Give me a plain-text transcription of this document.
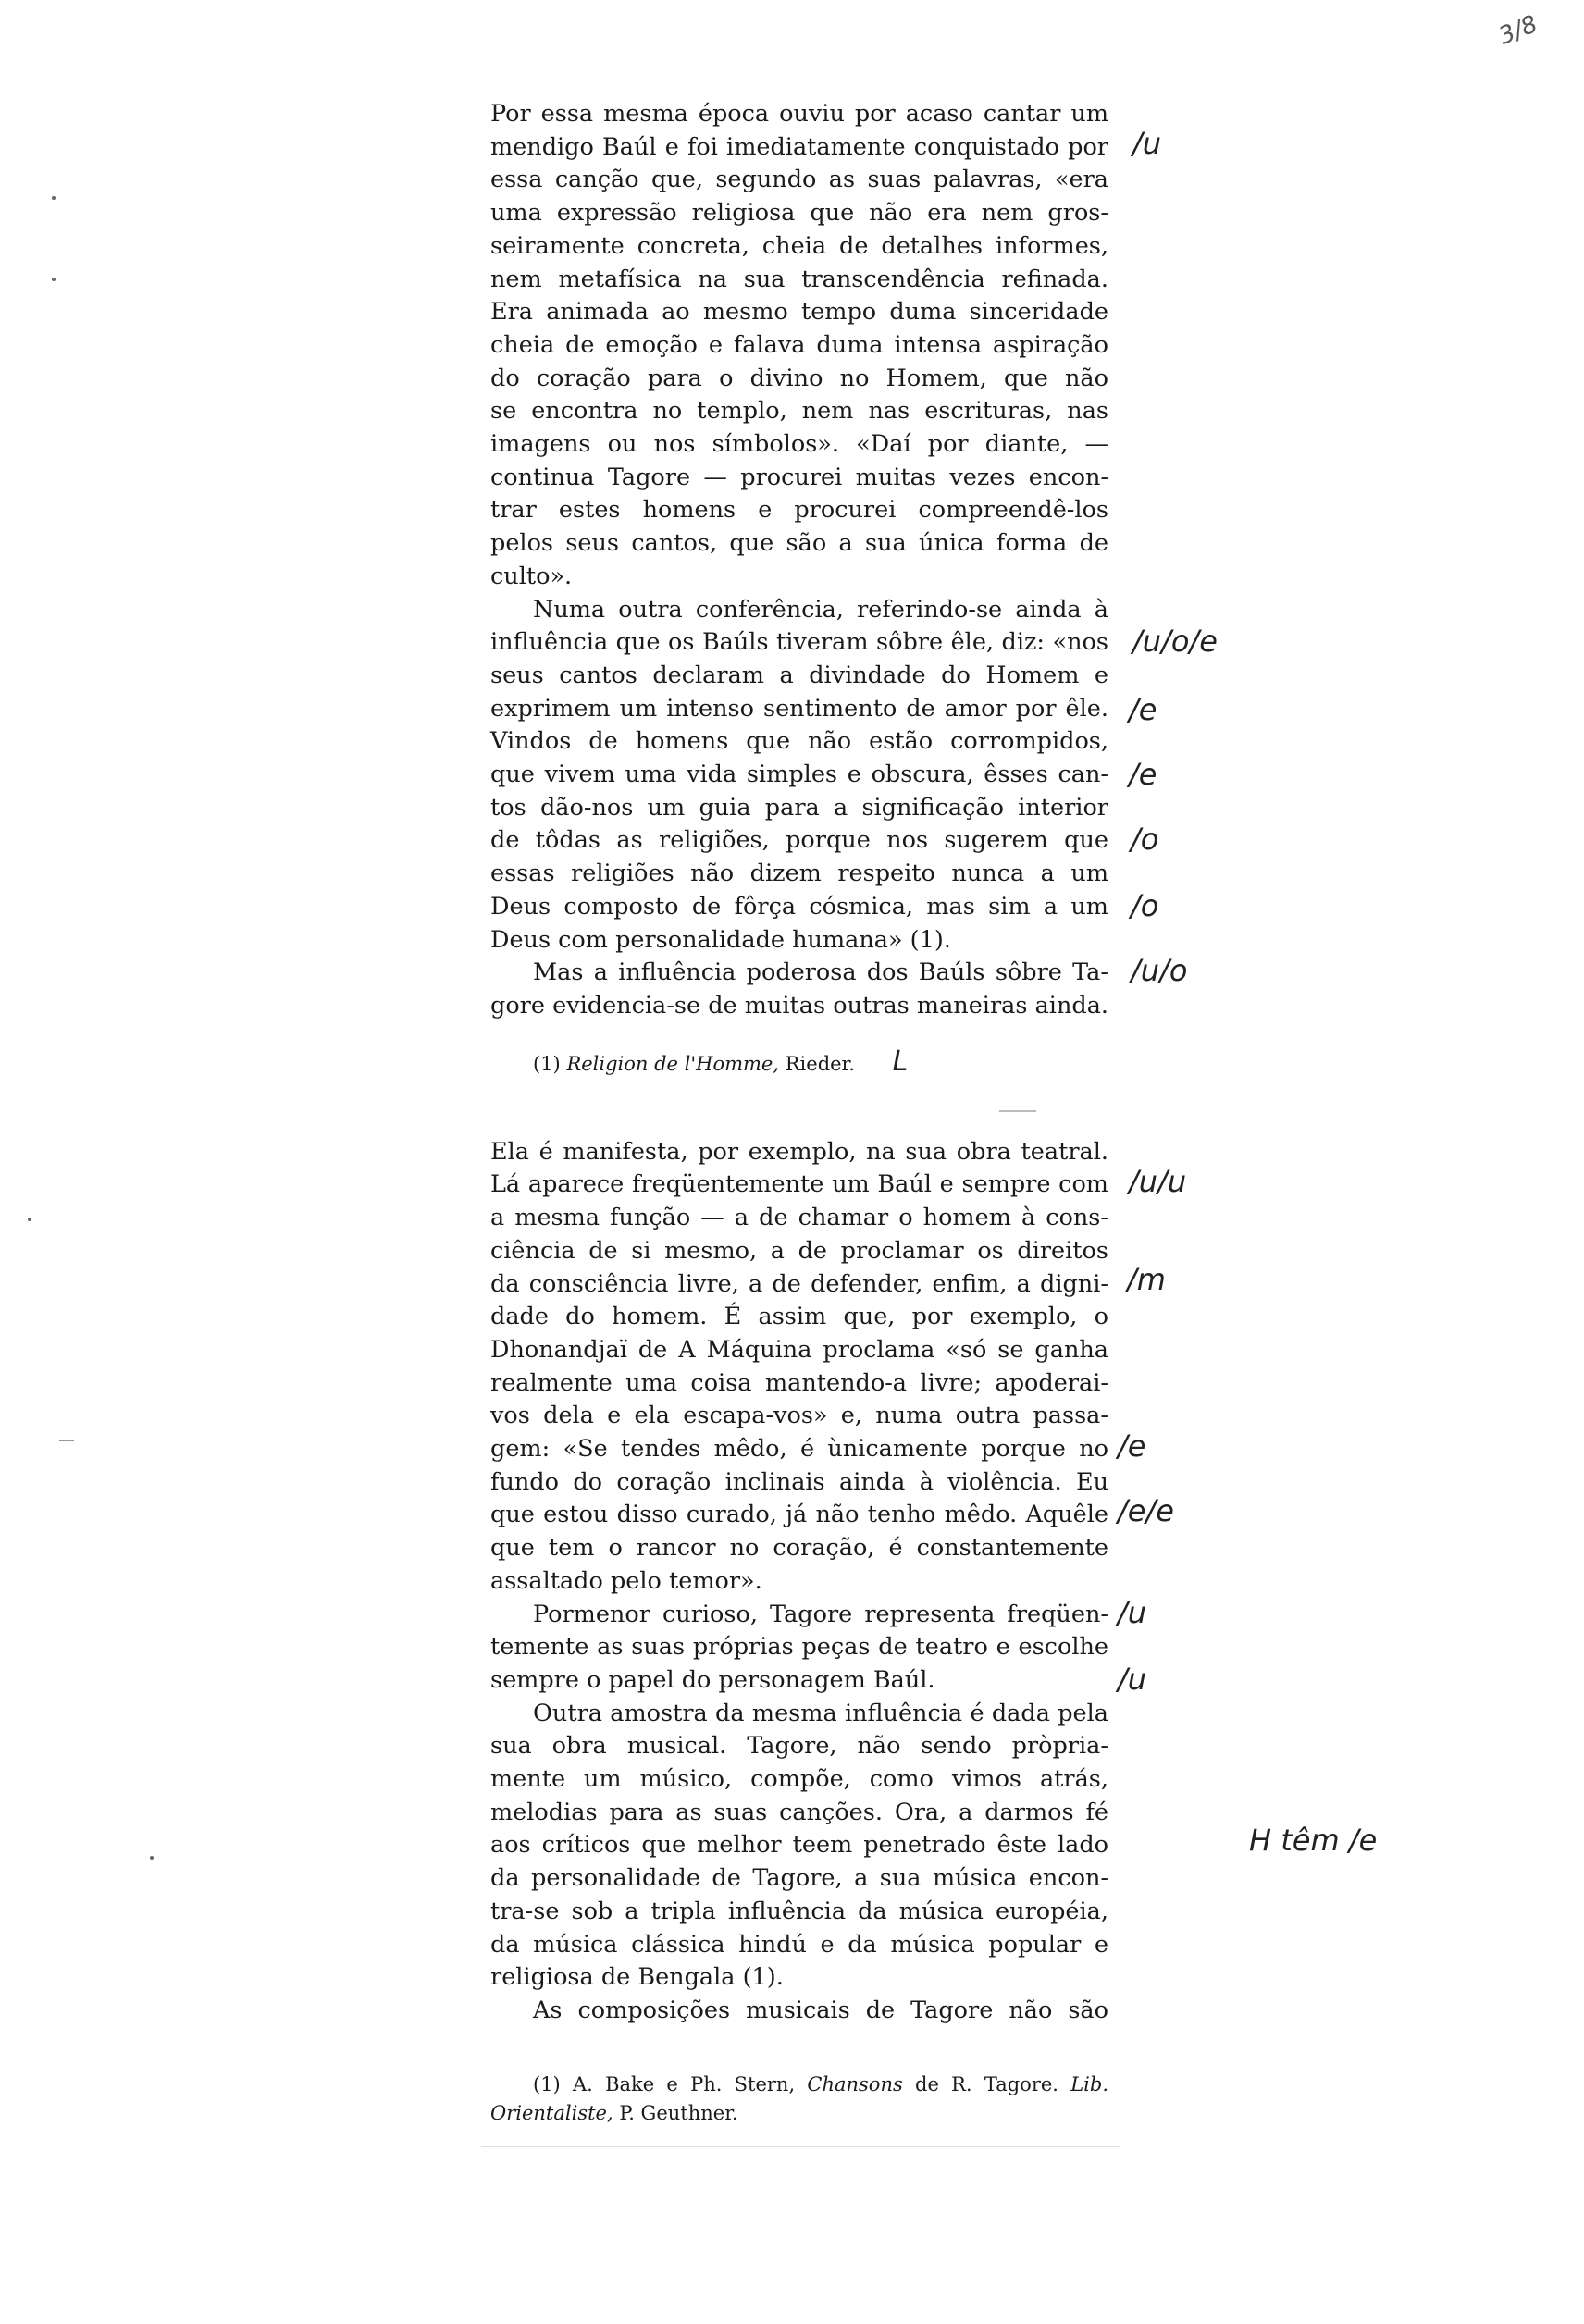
3/8
Por essa mesma época ouviu por acaso cantar um
mendigo Baúl e foi imediatamente conquistado por
essa canção que, segundo as suas palavras, «era
uma expressão religiosa que não era nem gros-
seiramente concreta, cheia de detalhes informes,
nem metafísica na sua transcendência refinada.
Era animada ao mesmo tempo duma sinceridade
cheia de emoção e falava duma intensa aspiração
do coração para o divino no Homem, que não
se encontra no templo, nem nas escrituras, nas
imagens ou nos símbolos». «Daí por diante, —
continua Tagore — procurei muitas vezes encon-
trar estes homens e procurei compreendê-los
pelos seus cantos, que são a sua única forma de
culto».
Numa outra conferência, referindo-se ainda à
influência que os Baúls tiveram sôbre êle, diz: «nos
seus cantos declaram a divindade do Homem e
exprimem um intenso sentimento de amor por êle.
Vindos de homens que não estão corrompidos,
que vivem uma vida simples e obscura, êsses can-
tos dão-nos um guia para a significação interior
de tôdas as religiões, porque nos sugerem que
essas religiões não dizem respeito nunca a um
Deus composto de fôrça cósmica, mas sim a um
Deus com personalidade humana» (1).
Mas a influência poderosa dos Baúls sôbre Ta-
gore evidencia-se de muitas outras maneiras ainda.
(1) Religion de l'Homme, Rieder. L
Ela é manifesta, por exemplo, na sua obra teatral.
Lá aparece freqüentemente um Baúl e sempre com
a mesma função — a de chamar o homem à cons-
ciência de si mesmo, a de proclamar os direitos
da consciência livre, a de defender, enfim, a digni-
dade do homem. É assim que, por exemplo, o
Dhonandjaï de A Máquina proclama «só se ganha
realmente uma coisa mantendo-a livre; apoderai-
vos dela e ela escapa-vos» e, numa outra passa-
gem: «Se tendes mêdo, é ùnicamente porque no
fundo do coração inclinais ainda à violência. Eu
que estou disso curado, já não tenho mêdo. Aquêle
que tem o rancor no coração, é constantemente
assaltado pelo temor».
Pormenor curioso, Tagore representa freqüen-
temente as suas próprias peças de teatro e escolhe
sempre o papel do personagem Baúl.
Outra amostra da mesma influência é dada pela
sua obra musical. Tagore, não sendo pròpria-
mente um músico, compõe, como vimos atrás,
melodias para as suas canções. Ora, a darmos fé
aos críticos que melhor teem penetrado êste lado
da personalidade de Tagore, a sua música encon-
tra-se sob a tripla influência da música européia,
da música clássica hindú e da música popular e
religiosa de Bengala (1).
As composições musicais de Tagore não são
(1) A. Bake e Ph. Stern, Chansons de R. Tagore. Lib.
Orientaliste, P. Geuthner.
/u
/u/o/e
/e
/e
/o
/o
/u/o
/u/u
/m
/e
/e/e
/u
/u
H têm /e
